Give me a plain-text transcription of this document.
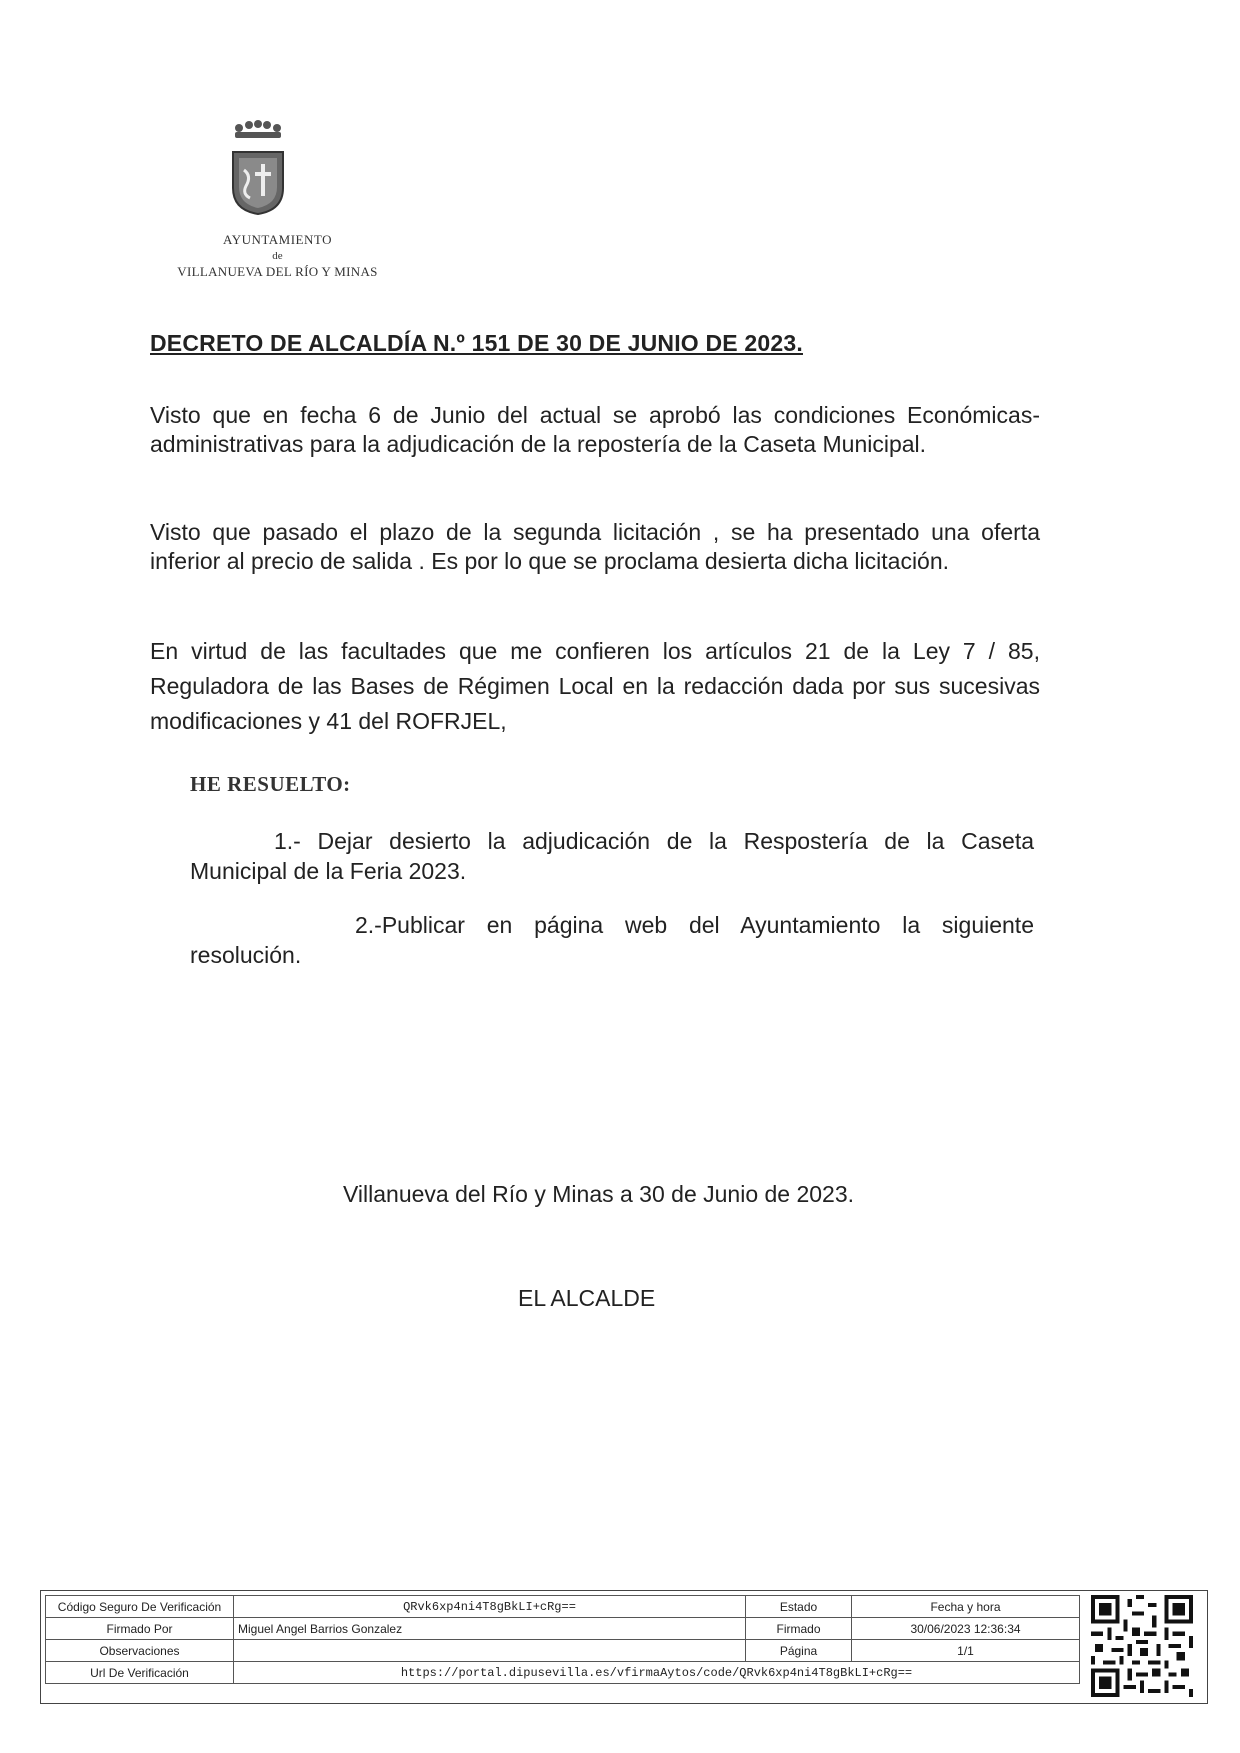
AYUNTAMIENTO
de
VILLANUEVA DEL RÍO Y MINAS
DECRETO DE ALCALDÍA N.º 151 DE 30 DE JUNIO DE 2023.
Visto que en fecha 6 de Junio del actual se aprobó las condiciones Económicas-administrativas para la adjudicación de la repostería de la Caseta Municipal.
Visto que pasado el plazo de la segunda licitación , se ha presentado una oferta inferior al precio de salida . Es por lo que se proclama desierta dicha licitación.
En virtud de las facultades que me confieren los artículos 21 de la Ley 7 / 85, Reguladora de las Bases de Régimen Local en la redacción dada por sus sucesivas modificaciones y 41 del ROFRJEL,
HE RESUELTO:
1.- Dejar desierto la adjudicación de la Respostería de la Caseta Municipal de la Feria 2023.
2.-Publicar en página web del Ayuntamiento la siguiente resolución.
Villanueva del Río y Minas a 30 de Junio de 2023.
EL ALCALDE
Código Seguro De Verificación	QRvk6xp4ni4T8gBkLI+cRg==	Estado	Fecha y hora
Firmado Por	Miguel Angel Barrios Gonzalez	Firmado	30/06/2023 12:36:34
Observaciones		Página	1/1
Url De Verificación	https://portal.dipusevilla.es/vfirmaAytos/code/QRvk6xp4ni4T8gBkLI+cRg==		
